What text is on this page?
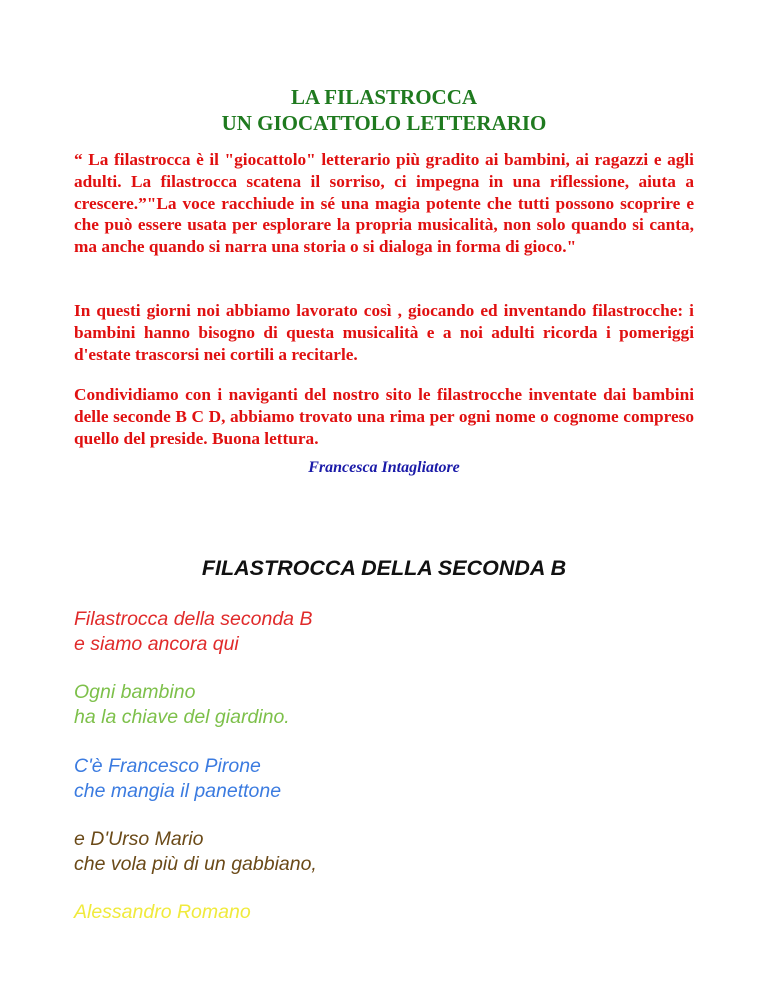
LA FILASTROCCA
UN GIOCATTOLO LETTERARIO

“ La filastrocca è il "giocattolo" letterario più gradito ai bambini, ai ragazzi e agli adulti. La filastrocca scatena il sorriso, ci impegna in una riflessione, aiuta a crescere.”"La voce racchiude in sé una magia potente che tutti possono scoprire e che può essere usata per esplorare la propria musicalità, non solo quando si canta, ma anche quando si narra una storia o si dialoga in forma di gioco."

In questi giorni noi abbiamo lavorato così , giocando ed inventando filastrocche: i bambini hanno bisogno di questa musicalità e a noi adulti ricorda i pomeriggi d'estate trascorsi nei cortili a recitarle.

Condividiamo con i naviganti del nostro sito le filastrocche inventate dai bambini delle seconde B C D, abbiamo trovato una rima per ogni nome o cognome compreso quello del preside. Buona lettura.

Francesca Intagliatore

FILASTROCCA DELLA SECONDA B
Filastrocca della seconda B
e siamo ancora qui
Ogni bambino
ha la chiave del giardino.
C'è Francesco Pirone
che mangia il panettone
e D'Urso Mario
che vola più di un gabbiano,
Alessandro Romano
